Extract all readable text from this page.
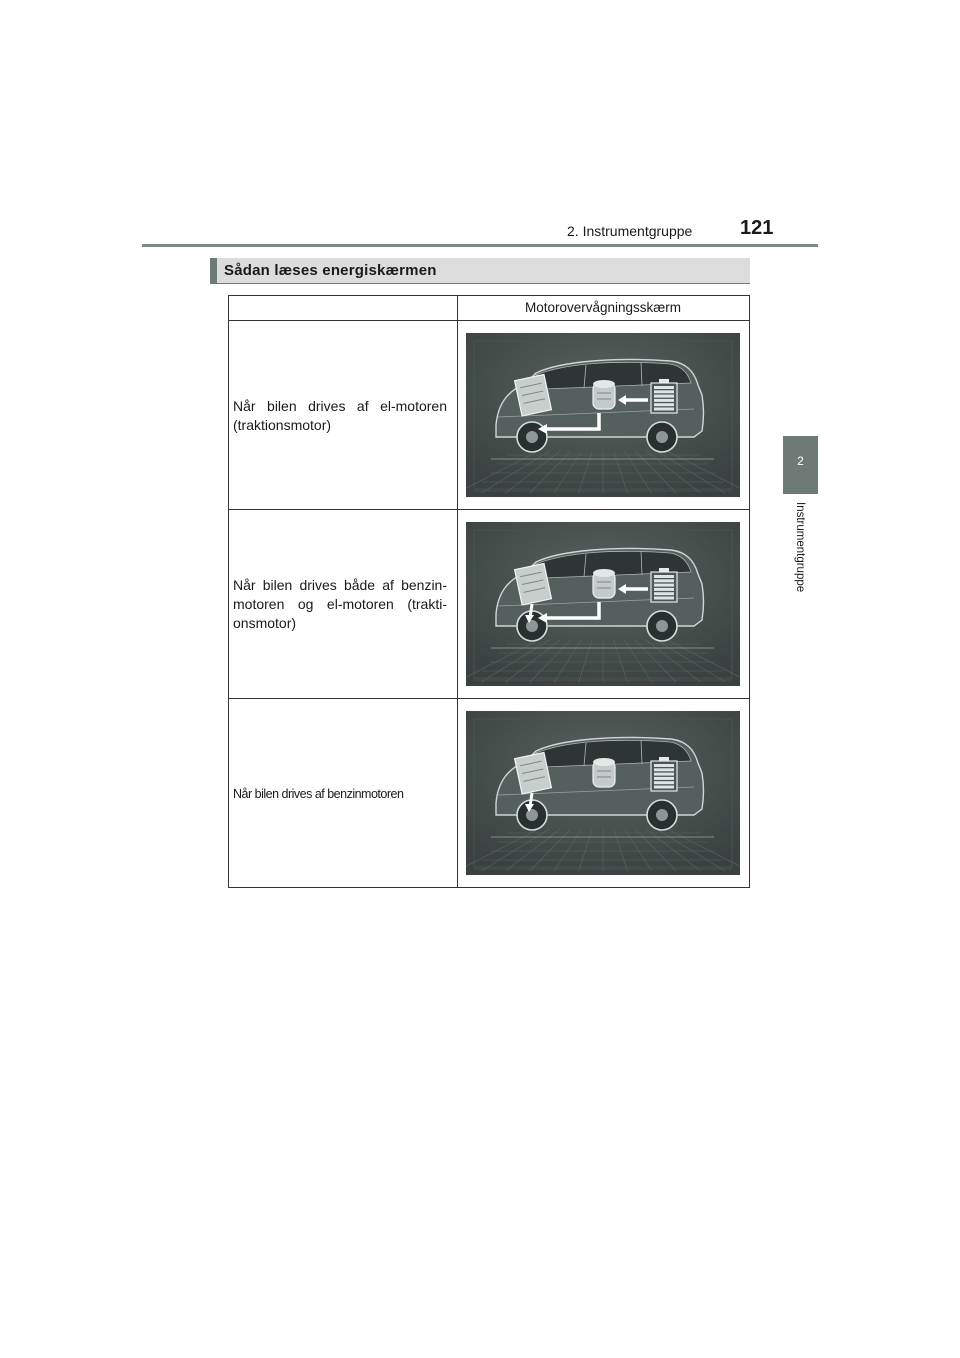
2. Instrumentgruppe 121
2
Instrumentgruppe
Sådan læses energiskærmen
Motorovervågningsskærm
Når bilen drives af el-motoren (traktionsmotor)
Når bilen drives både af benzin-motoren og el-motoren (trakti-onsmotor)
Når bilen drives af benzinmotoren
